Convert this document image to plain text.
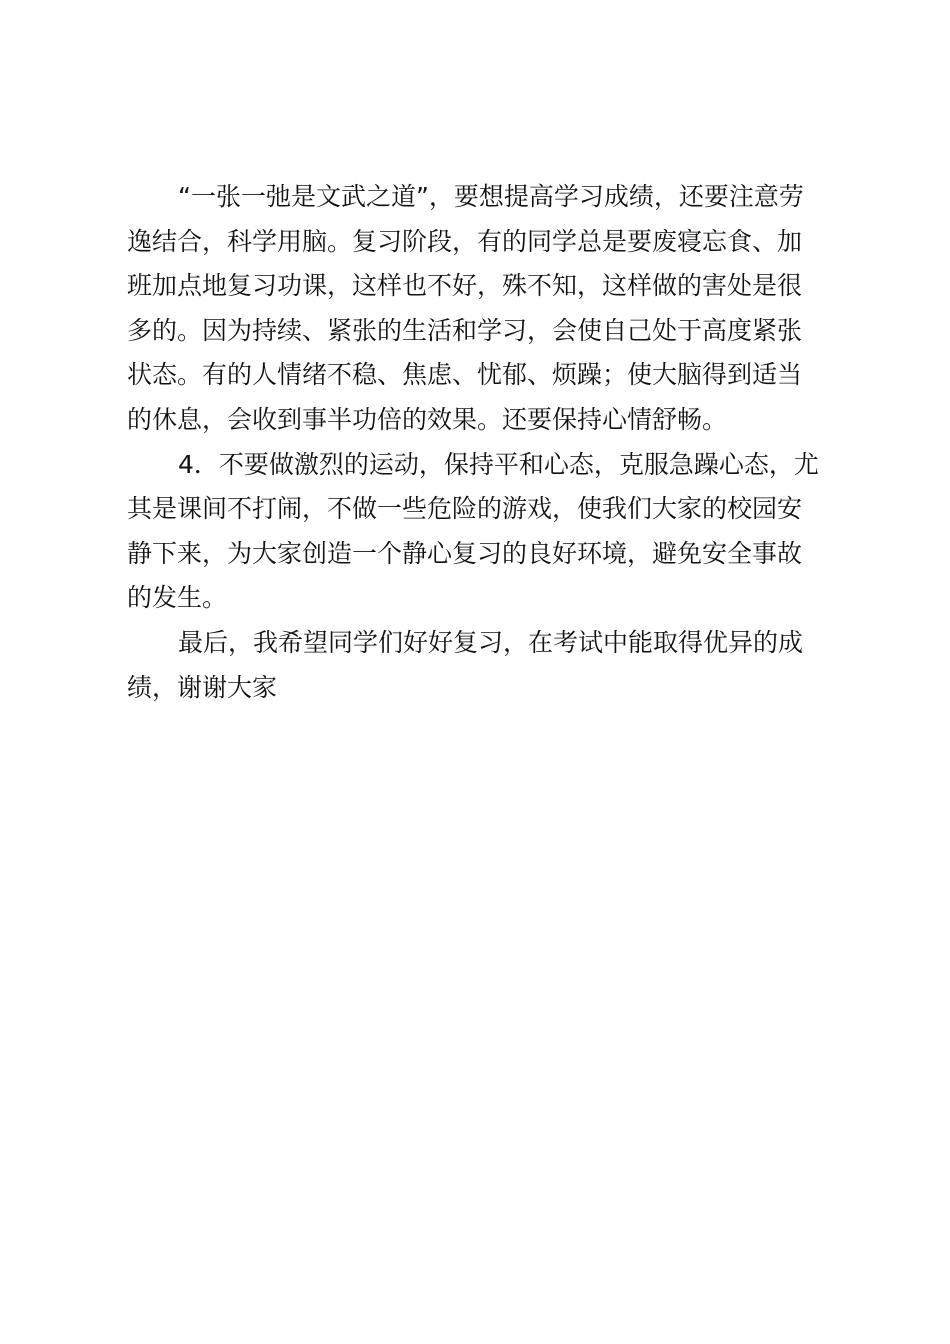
“一张一弛是文武之道”，要想提高学习成绩，还要注意劳
逸结合，科学用脑。复习阶段，有的同学总是要废寝忘食、加
班加点地复习功课，这样也不好，殊不知，这样做的害处是很
多的。因为持续、紧张的生活和学习，会使自己处于高度紧张
状态。有的人情绪不稳、焦虑、忧郁、烦躁；使大脑得到适当
的休息，会收到事半功倍的效果。还要保持心情舒畅。
4．不要做激烈的运动，保持平和心态，克服急躁心态，尤
其是课间不打闹，不做一些危险的游戏，使我们大家的校园安
静下来，为大家创造一个静心复习的良好环境，避免安全事故
的发生。
最后，我希望同学们好好复习，在考试中能取得优异的成
绩，谢谢大家
